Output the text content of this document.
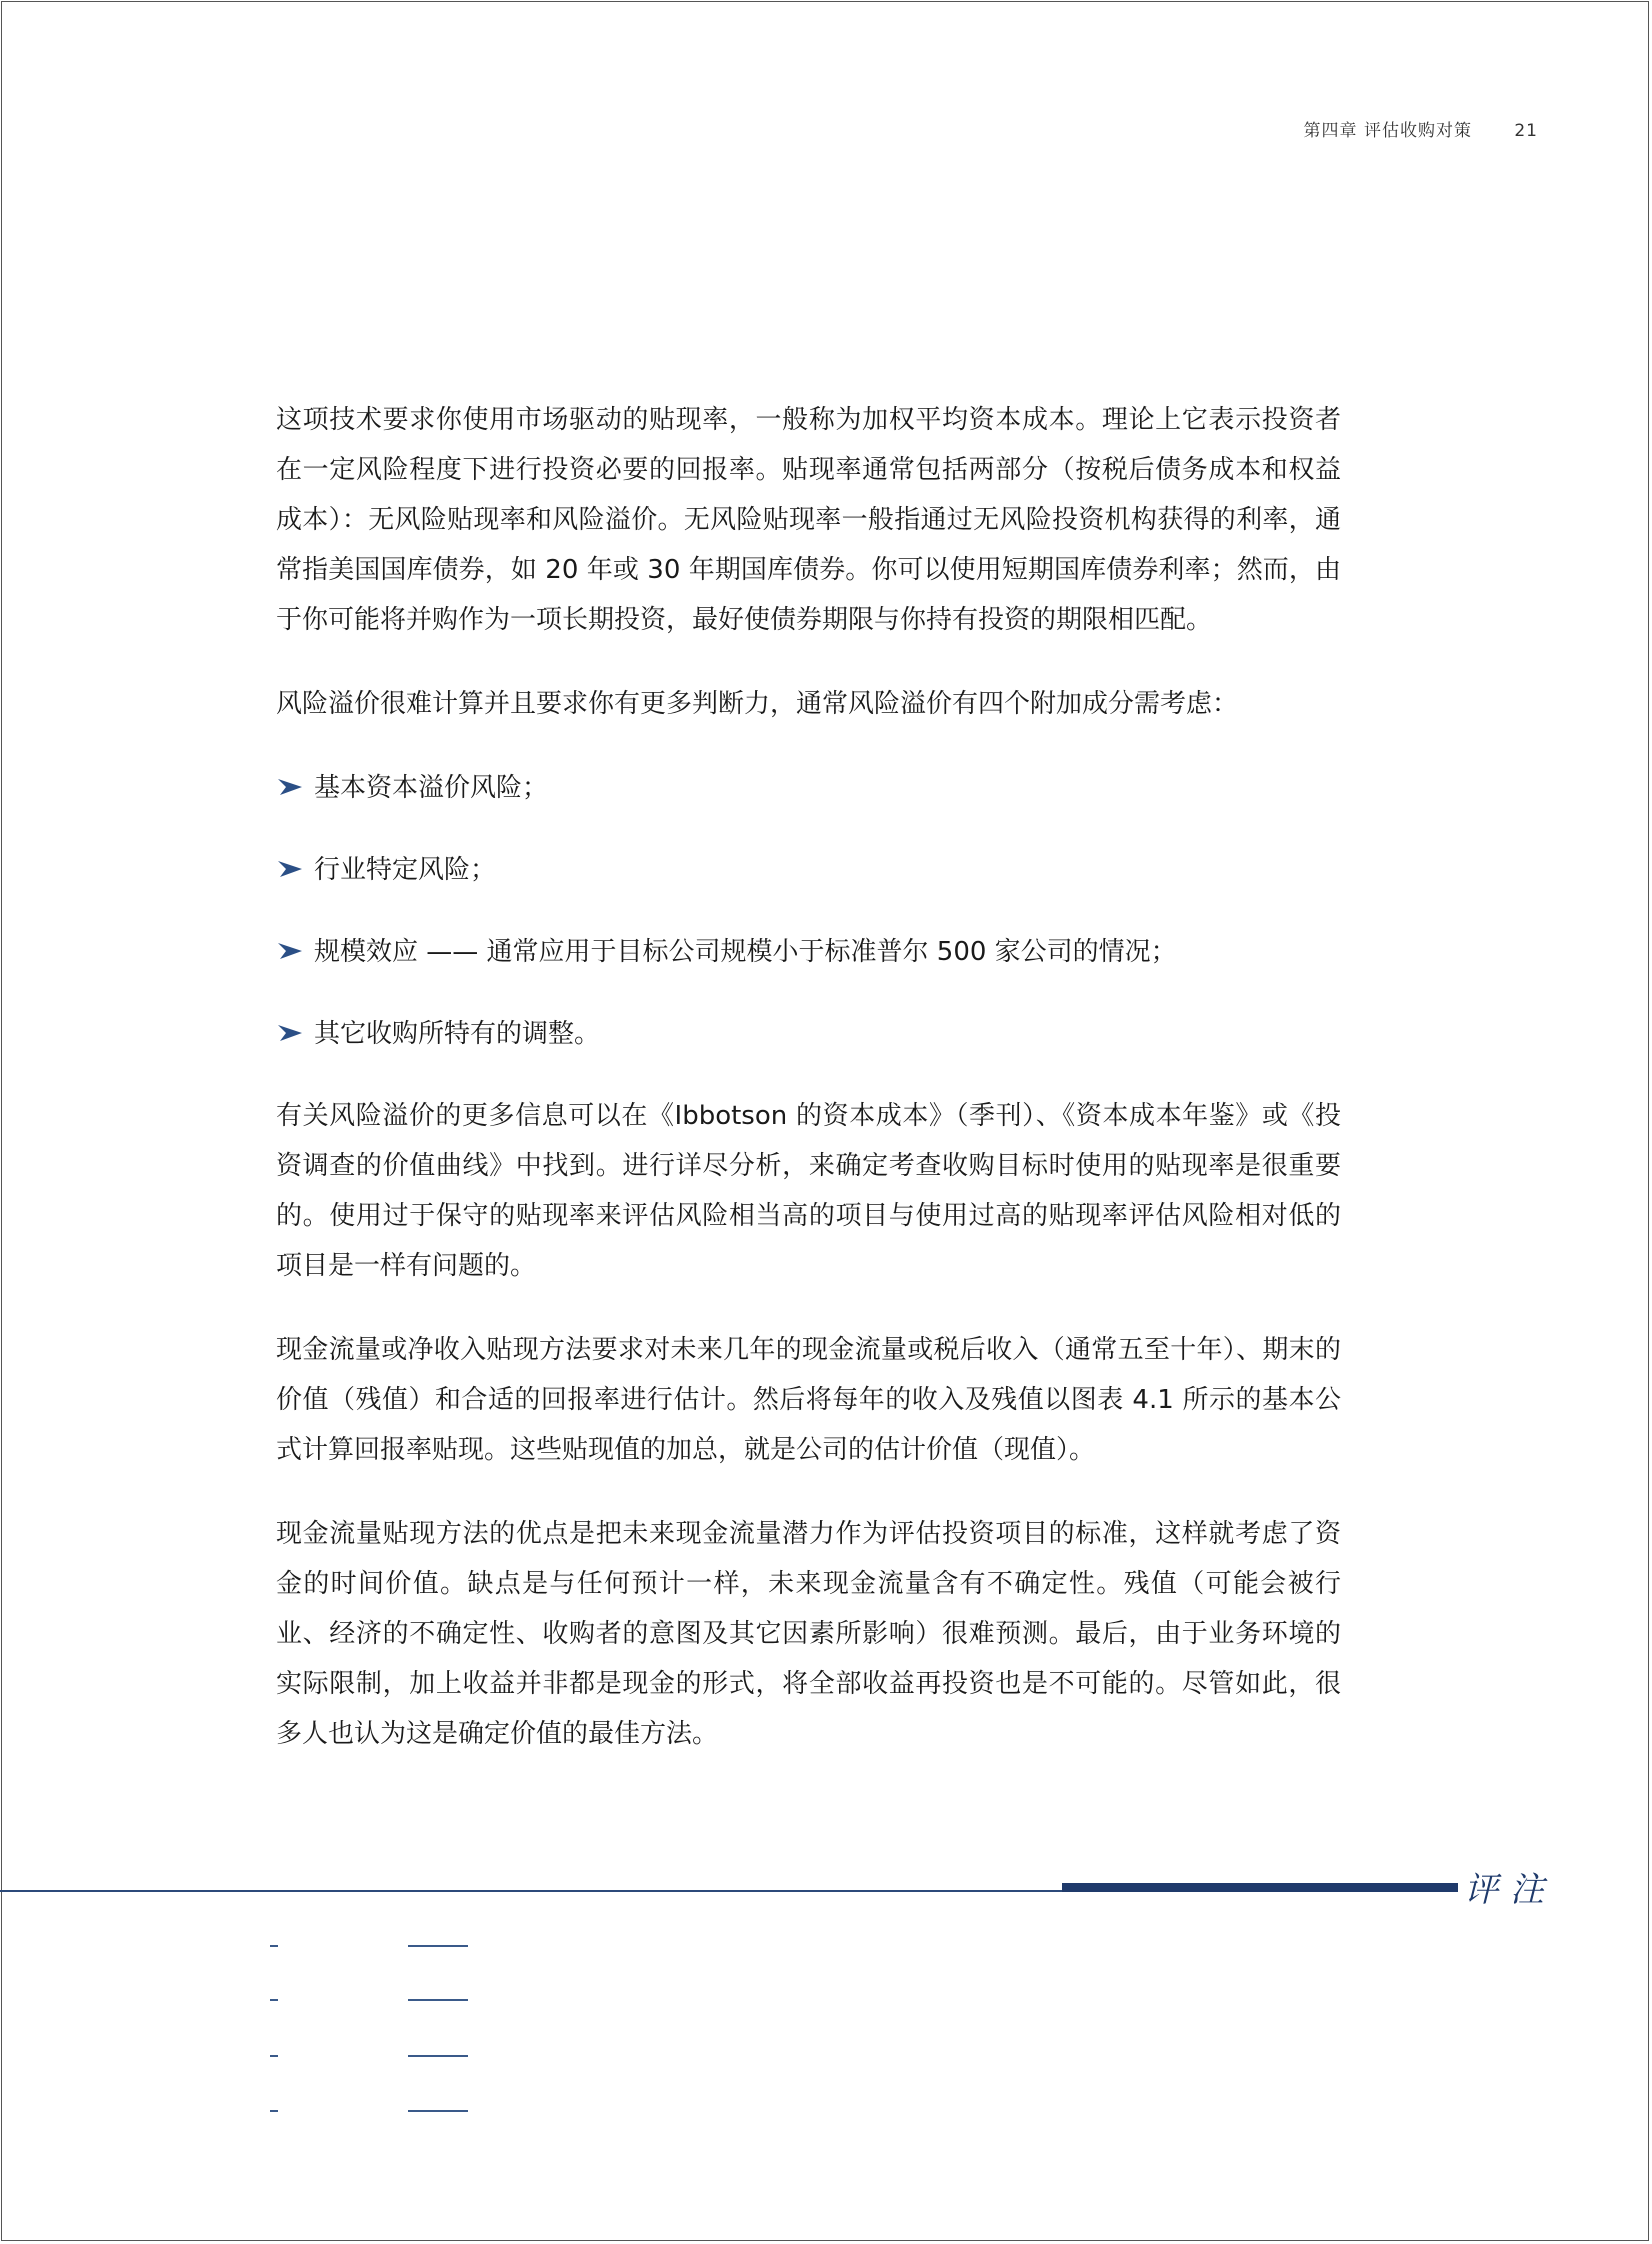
第四章 评估收购对策 21

这项技术要求你使用市场驱动的贴现率，一般称为加权平均资本成本。理论上它表示投资者在一定风险程度下进行投资必要的回报率。贴现率通常包括两部分（按税后债务成本和权益成本）：无风险贴现率和风险溢价。无风险贴现率一般指通过无风险投资机构获得的利率，通常指美国国库债券，如 20 年或 30 年期国库债券。你可以使用短期国库债券利率；然而，由于你可能将并购作为一项长期投资，最好使债券期限与你持有投资的期限相匹配。

风险溢价很难计算并且要求你有更多判断力，通常风险溢价有四个附加成分需考虑：

基本资本溢价风险；
行业特定风险；
规模效应 —— 通常应用于目标公司规模小于标准普尔 500 家公司的情况；
其它收购所特有的调整。

有关风险溢价的更多信息可以在《Ibbotson 的资本成本》（季刊）、《资本成本年鉴》或《投资调查的价值曲线》中找到。进行详尽分析，来确定考查收购目标时使用的贴现率是很重要的。使用过于保守的贴现率来评估风险相当高的项目与使用过高的贴现率评估风险相对低的项目是一样有问题的。

现金流量或净收入贴现方法要求对未来几年的现金流量或税后收入（通常五至十年）、期末的价值（残值）和合适的回报率进行估计。然后将每年的收入及残值以图表 4.1 所示的基本公式计算回报率贴现。这些贴现值的加总，就是公司的估计价值（现值）。

现金流量贴现方法的优点是把未来现金流量潜力作为评估投资项目的标准，这样就考虑了资金的时间价值。缺点是与任何预计一样，未来现金流量含有不确定性。残值（可能会被行业、经济的不确定性、收购者的意图及其它因素所影响）很难预测。最后，由于业务环境的实际限制，加上收益并非都是现金的形式，将全部收益再投资也是不可能的。尽管如此，很多人也认为这是确定价值的最佳方法。

评注
